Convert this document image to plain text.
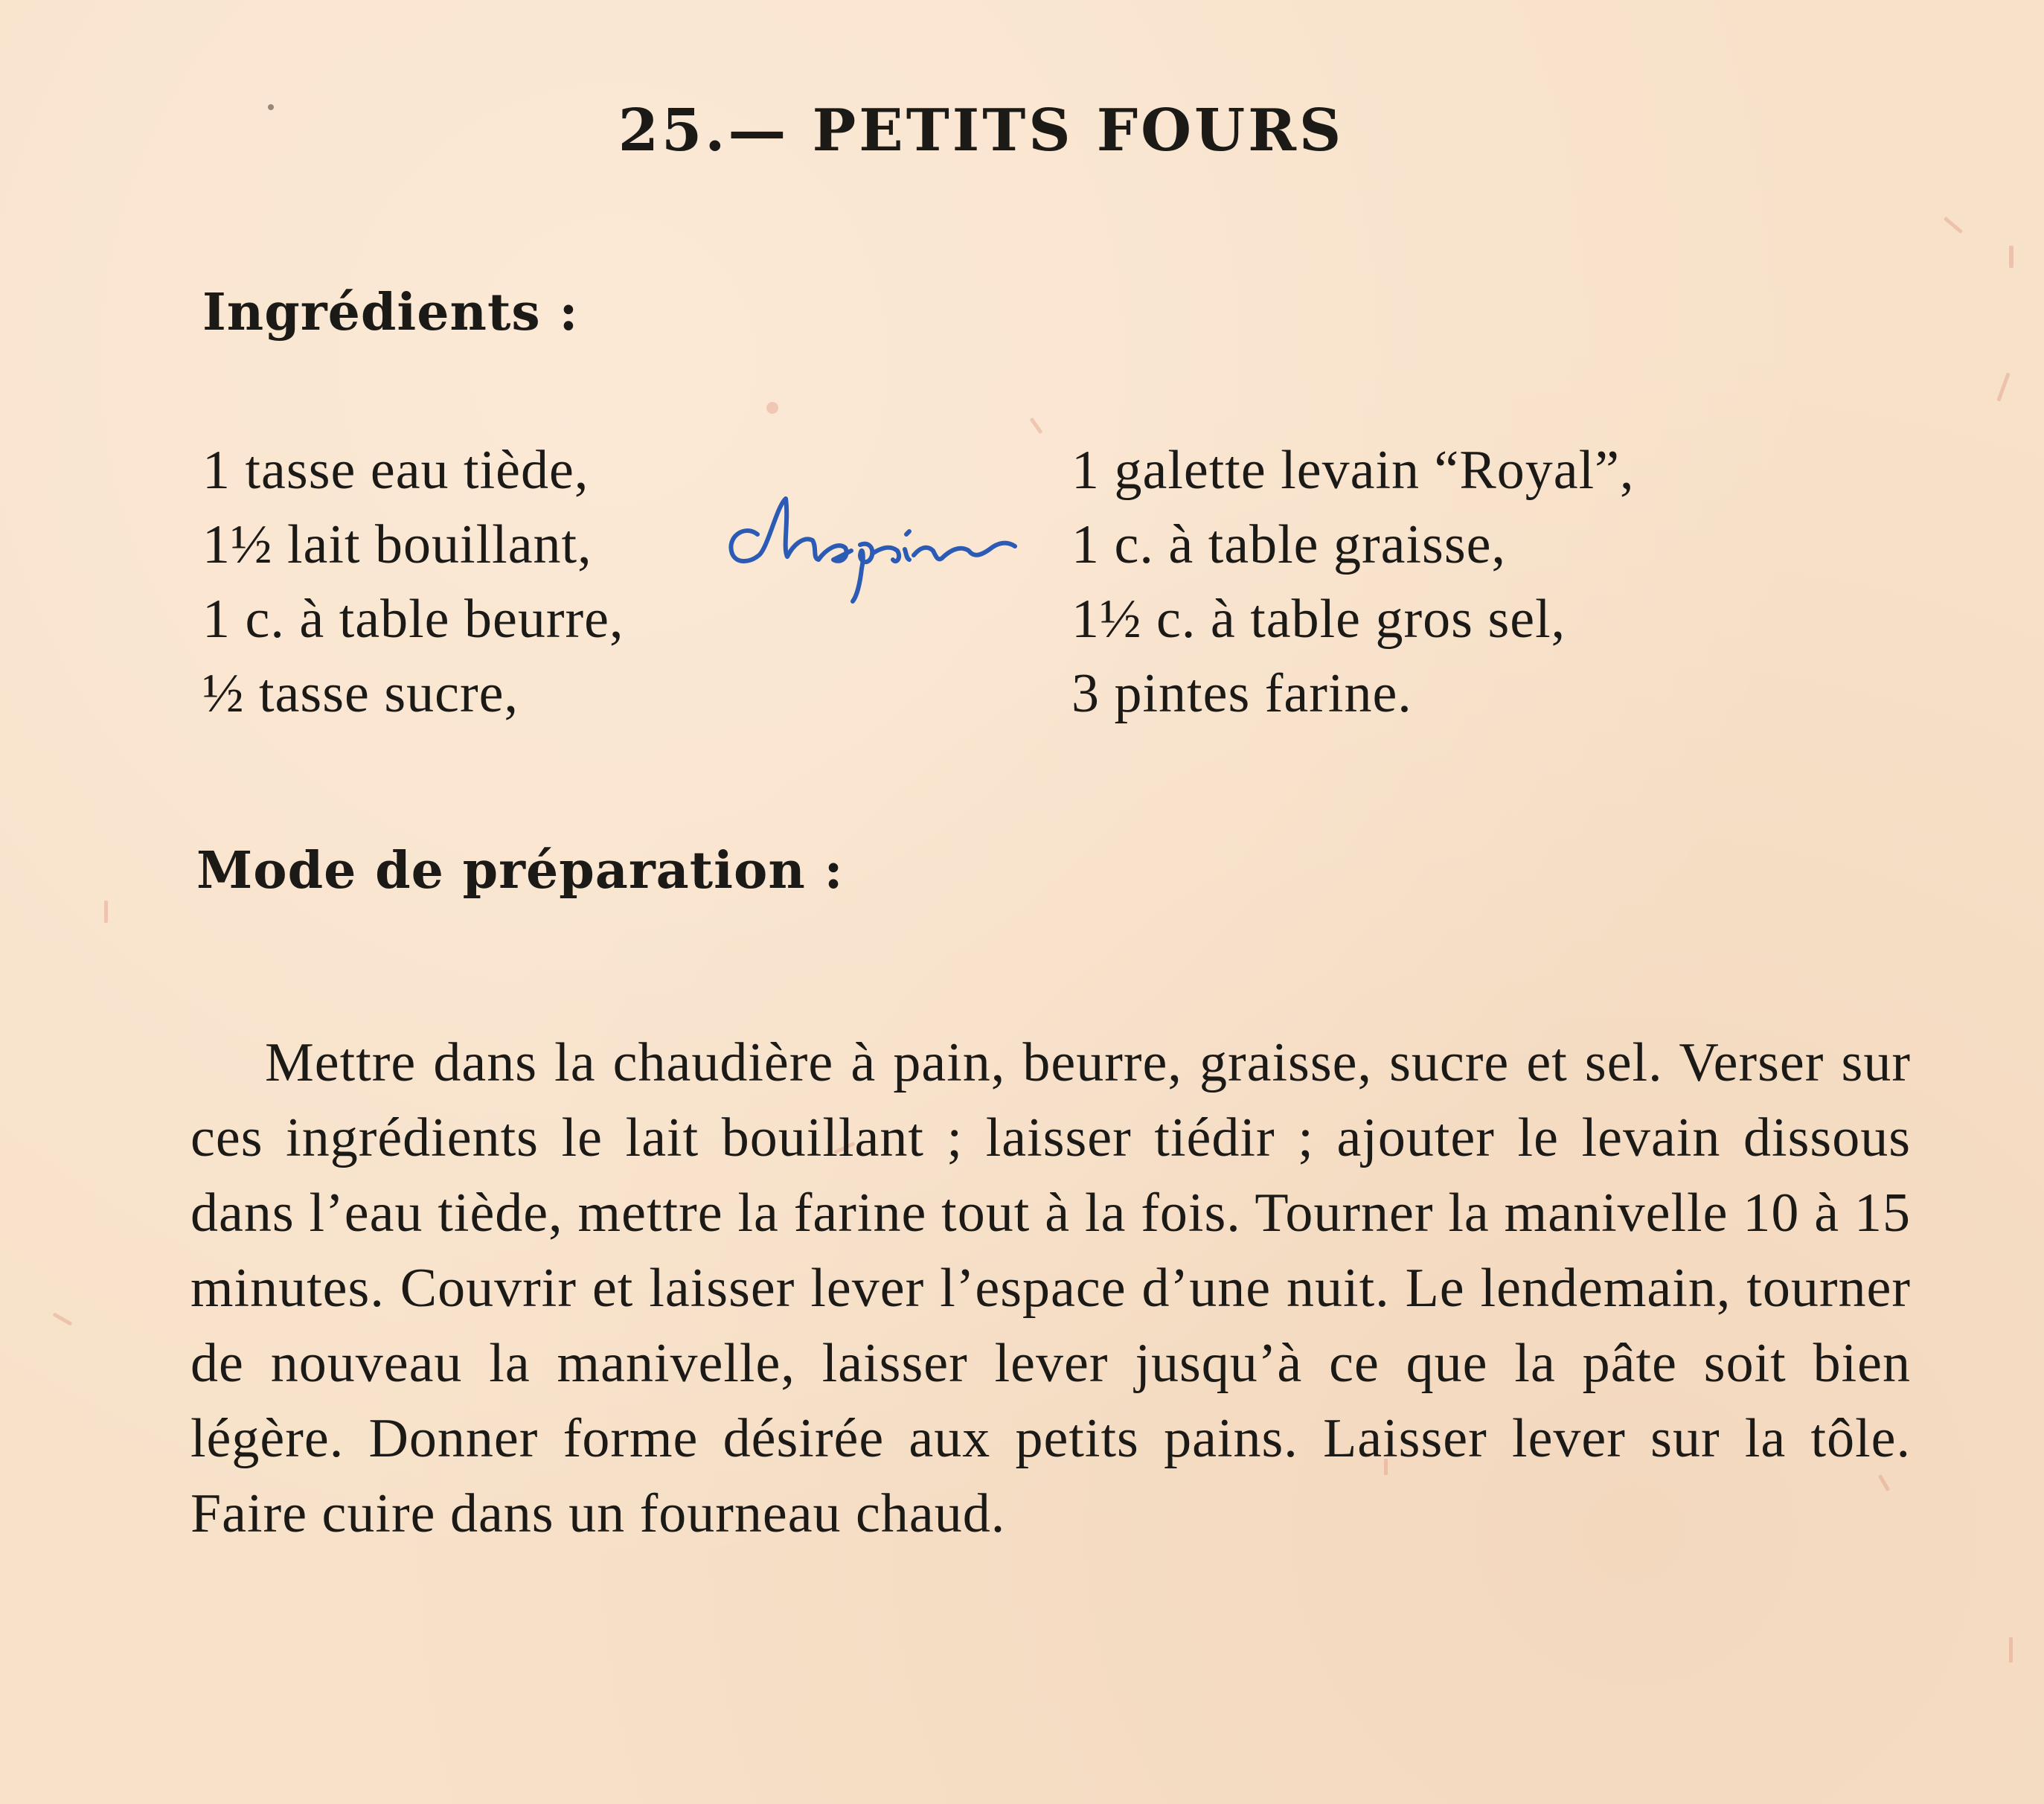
25.— PETITS FOURS
Ingrédients :
1 tasse eau tiède,
1½ lait bouillant,
1 c. à table beurre,
½ tasse sucre,
1 galette levain “Royal”,
1 c. à table graisse,
1½ c. à table gros sel,
3 pintes farine.
Mode de préparation :

Mettre dans la chaudière à pain, beurre, graisse, sucre et sel. Verser sur ces ingrédients le lait bouillant ; laisser tiédir ; ajouter le levain dissous dans l’eau tiède, mettre la farine tout à la fois. Tourner la manivelle 10 à 15 minutes. Couvrir et laisser lever l’espace d’une nuit. Le lendemain, tourner de nouveau la manivelle, laisser lever jusqu’à ce que la pâte soit bien légère. Donner forme désirée aux petits pains. Laisser lever sur la tôle. Faire cuire dans un fourneau chaud.
